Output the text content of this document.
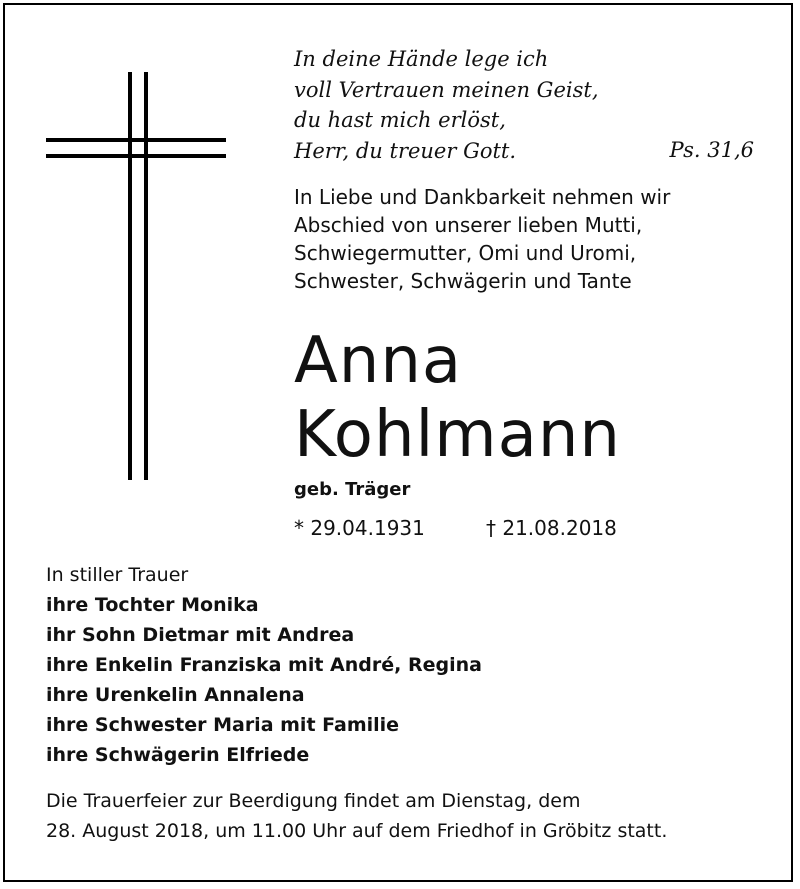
In deine Hände lege ich
voll Vertrauen meinen Geist,
du hast mich erlöst,
Herr, du treuer Gott.	Ps. 31,6
In Liebe und Dankbarkeit nehmen wir
Abschied von unserer lieben Mutti,
Schwiegermutter, Omi und Uromi,
Schwester, Schwägerin und Tante
Anna
Kohlmann
geb. Träger
* 29.04.1931	† 21.08.2018
In stiller Trauer
ihre Tochter Monika
ihr Sohn Dietmar mit Andrea
ihre Enkelin Franziska mit André, Regina
ihre Urenkelin Annalena
ihre Schwester Maria mit Familie
ihre Schwägerin Elfriede
Die Trauerfeier zur Beerdigung findet am Dienstag, dem
28. August 2018, um 11.00 Uhr auf dem Friedhof in Gröbitz statt.
